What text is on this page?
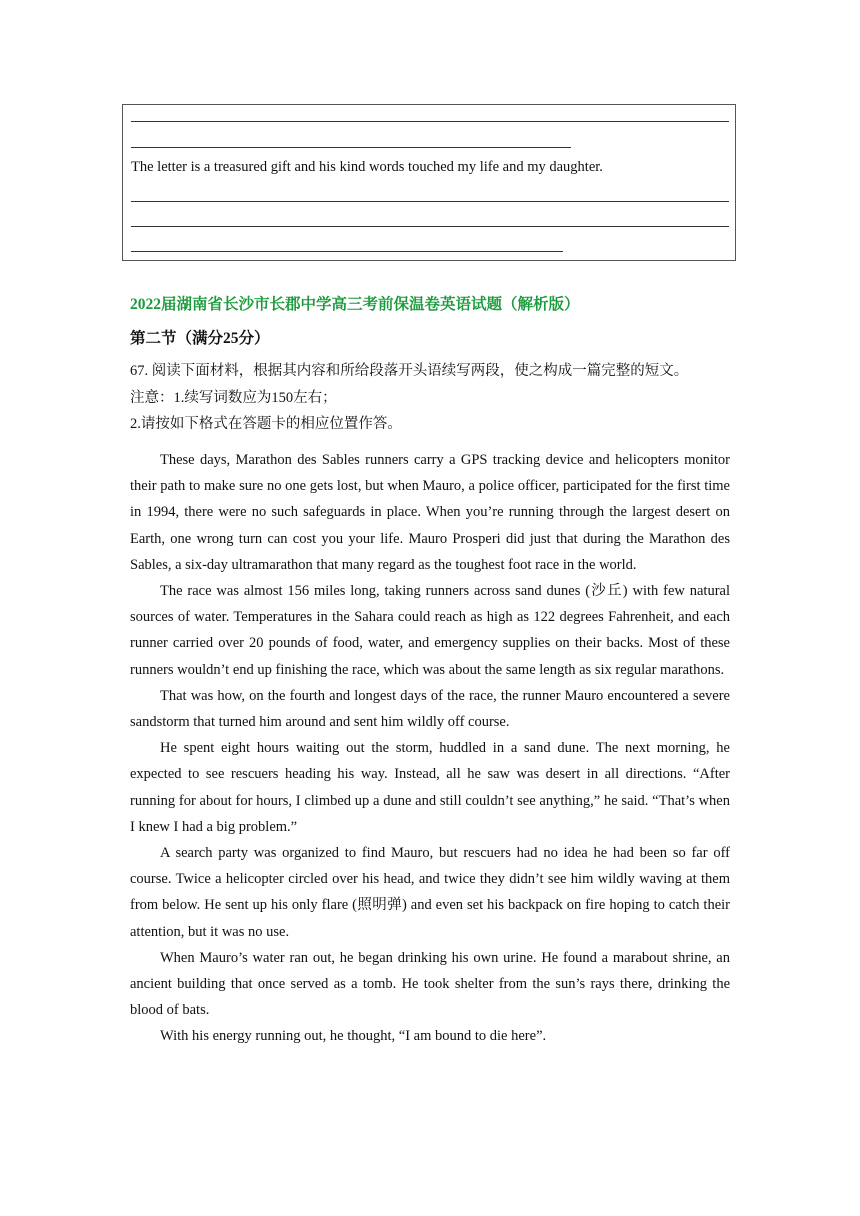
The letter is a treasured gift and his kind words touched my life and my daughter.
2022届湖南省长沙市长郡中学高三考前保温卷英语试题（解析版）
第二节（满分25分）
67. 阅读下面材料，根据其内容和所给段落开头语续写两段，使之构成一篇完整的短文。
注意：1.续写词数应为150左右；
2.请按如下格式在答题卡的相应位置作答。

These days, Marathon des Sables runners carry a GPS tracking device and helicopters monitor their path to make sure no one gets lost, but when Mauro, a police officer, participated for the first time in 1994, there were no such safeguards in place. When you’re running through the largest desert on Earth, one wrong turn can cost you your life. Mauro Prosperi did just that during the Marathon des Sables, a six-day ultramarathon that many regard as the toughest foot race in the world.

The race was almost 156 miles long, taking runners across sand dunes (沙丘) with few natural sources of water. Temperatures in the Sahara could reach as high as 122 degrees Fahrenheit, and each runner carried over 20 pounds of food, water, and emergency supplies on their backs. Most of these runners wouldn’t end up finishing the race, which was about the same length as six regular marathons.

That was how, on the fourth and longest days of the race, the runner Mauro encountered a severe sandstorm that turned him around and sent him wildly off course.

He spent eight hours waiting out the storm, huddled in a sand dune. The next morning, he expected to see rescuers heading his way. Instead, all he saw was desert in all directions. “After running for about for hours, I climbed up a dune and still couldn’t see anything,” he said. “That’s when I knew I had a big problem.”

A search party was organized to find Mauro, but rescuers had no idea he had been so far off course. Twice a helicopter circled over his head, and twice they didn’t see him wildly waving at them from below. He sent up his only flare (照明弹) and even set his backpack on fire hoping to catch their attention, but it was no use.

When Mauro’s water ran out, he began drinking his own urine. He found a marabout shrine, an ancient building that once served as a tomb. He took shelter from the sun’s rays there, drinking the blood of bats.

With his energy running out, he thought, “I am bound to die here”.
